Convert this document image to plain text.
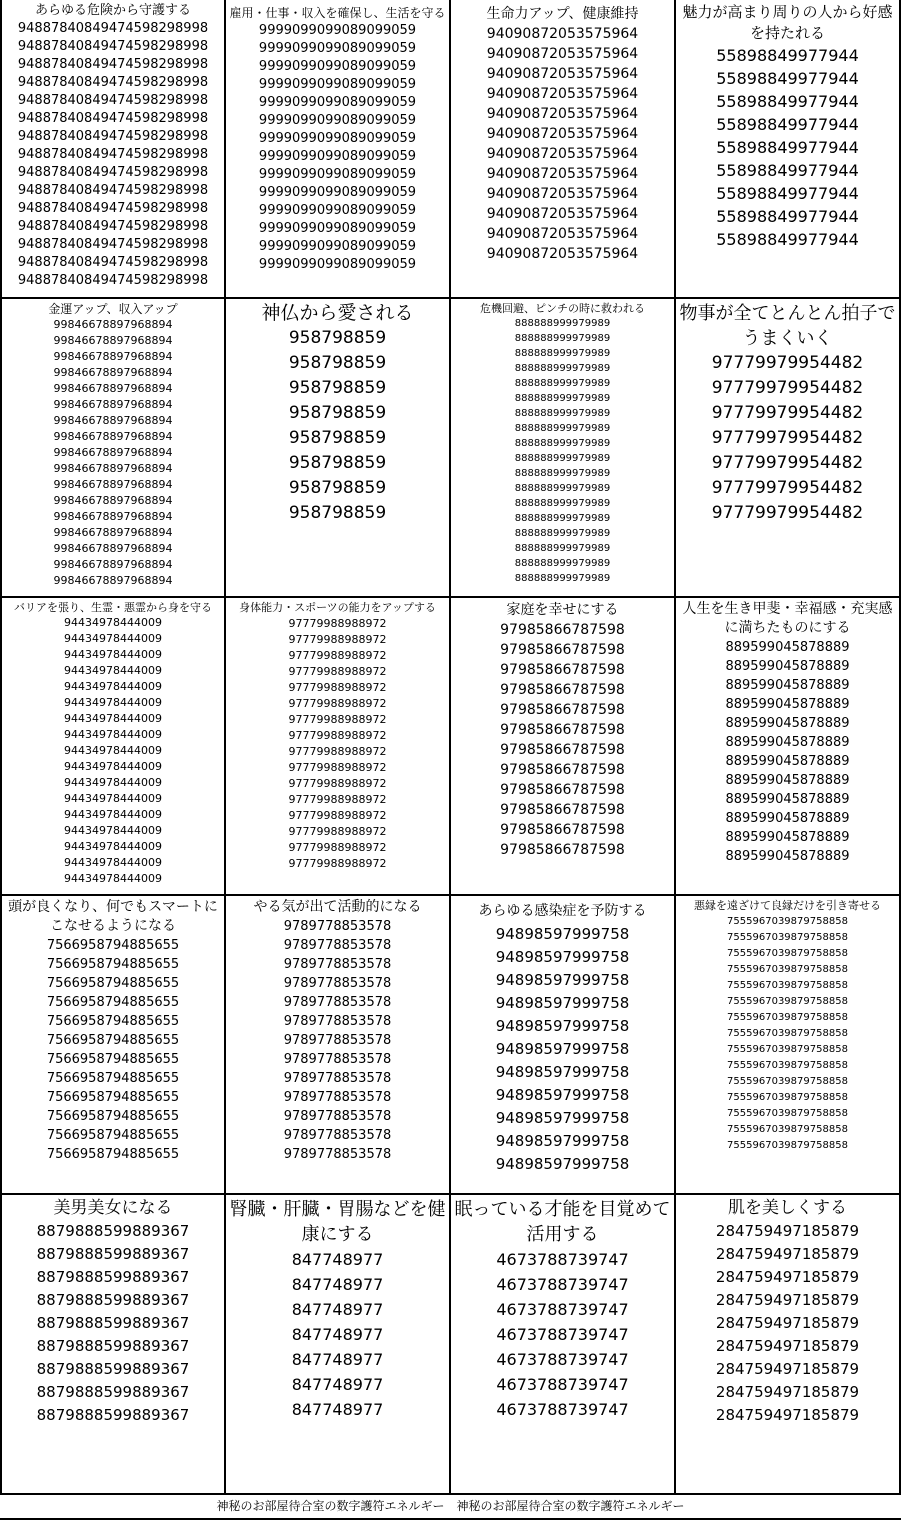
あらゆる危険から守護する
94887840849474598298998
94887840849474598298998
94887840849474598298998
94887840849474598298998
94887840849474598298998
94887840849474598298998
94887840849474598298998
94887840849474598298998
94887840849474598298998
94887840849474598298998
94887840849474598298998
94887840849474598298998
94887840849474598298998
94887840849474598298998
94887840849474598298998
雇用・仕事・収入を確保し、生活を守る
9999099099089099059
9999099099089099059
9999099099089099059
9999099099089099059
9999099099089099059
9999099099089099059
9999099099089099059
9999099099089099059
9999099099089099059
9999099099089099059
9999099099089099059
9999099099089099059
9999099099089099059
9999099099089099059
生命力アップ、健康維持
94090872053575964
94090872053575964
94090872053575964
94090872053575964
94090872053575964
94090872053575964
94090872053575964
94090872053575964
94090872053575964
94090872053575964
94090872053575964
94090872053575964
魅力が高まり周りの人から好感を持たれる
55898849977944
55898849977944
55898849977944
55898849977944
55898849977944
55898849977944
55898849977944
55898849977944
55898849977944
金運アップ、収入アップ
99846678897968894
99846678897968894
99846678897968894
99846678897968894
99846678897968894
99846678897968894
99846678897968894
99846678897968894
99846678897968894
99846678897968894
99846678897968894
99846678897968894
99846678897968894
99846678897968894
99846678897968894
99846678897968894
99846678897968894
神仏から愛される
958798859
958798859
958798859
958798859
958798859
958798859
958798859
958798859
危機回避、ピンチの時に救われる
888888999979989
888888999979989
888888999979989
888888999979989
888888999979989
888888999979989
888888999979989
888888999979989
888888999979989
888888999979989
888888999979989
888888999979989
888888999979989
888888999979989
888888999979989
888888999979989
888888999979989
888888999979989
物事が全てとんとん拍子でうまくいく
97779979954482
97779979954482
97779979954482
97779979954482
97779979954482
97779979954482
97779979954482
バリアを張り、生霊・悪霊から身を守る
94434978444009
94434978444009
94434978444009
94434978444009
94434978444009
94434978444009
94434978444009
94434978444009
94434978444009
94434978444009
94434978444009
94434978444009
94434978444009
94434978444009
94434978444009
94434978444009
94434978444009
身体能力・スポーツの能力をアップする
97779988988972
97779988988972
97779988988972
97779988988972
97779988988972
97779988988972
97779988988972
97779988988972
97779988988972
97779988988972
97779988988972
97779988988972
97779988988972
97779988988972
97779988988972
97779988988972
家庭を幸せにする
97985866787598
97985866787598
97985866787598
97985866787598
97985866787598
97985866787598
97985866787598
97985866787598
97985866787598
97985866787598
97985866787598
97985866787598
人生を生き甲斐・幸福感・充実感に満ちたものにする
889599045878889
889599045878889
889599045878889
889599045878889
889599045878889
889599045878889
889599045878889
889599045878889
889599045878889
889599045878889
889599045878889
889599045878889
頭が良くなり、何でもスマートにこなせるようになる
7566958794885655
7566958794885655
7566958794885655
7566958794885655
7566958794885655
7566958794885655
7566958794885655
7566958794885655
7566958794885655
7566958794885655
7566958794885655
7566958794885655
やる気が出て活動的になる
9789778853578
9789778853578
9789778853578
9789778853578
9789778853578
9789778853578
9789778853578
9789778853578
9789778853578
9789778853578
9789778853578
9789778853578
9789778853578
あらゆる感染症を予防する
94898597999758
94898597999758
94898597999758
94898597999758
94898597999758
94898597999758
94898597999758
94898597999758
94898597999758
94898597999758
94898597999758
悪縁を遠ざけて良縁だけを引き寄せる
7555967039879758858
7555967039879758858
7555967039879758858
7555967039879758858
7555967039879758858
7555967039879758858
7555967039879758858
7555967039879758858
7555967039879758858
7555967039879758858
7555967039879758858
7555967039879758858
7555967039879758858
7555967039879758858
7555967039879758858
美男美女になる
8879888599889367
8879888599889367
8879888599889367
8879888599889367
8879888599889367
8879888599889367
8879888599889367
8879888599889367
8879888599889367
腎臓・肝臓・胃腸などを健康にする
847748977
847748977
847748977
847748977
847748977
847748977
847748977
眠っている才能を目覚めて活用する
4673788739747
4673788739747
4673788739747
4673788739747
4673788739747
4673788739747
4673788739747
肌を美しくする
284759497185879
284759497185879
284759497185879
284759497185879
284759497185879
284759497185879
284759497185879
284759497185879
284759497185879
神秘のお部屋待合室の数字護符エネルギー　神秘のお部屋待合室の数字護符エネルギー
